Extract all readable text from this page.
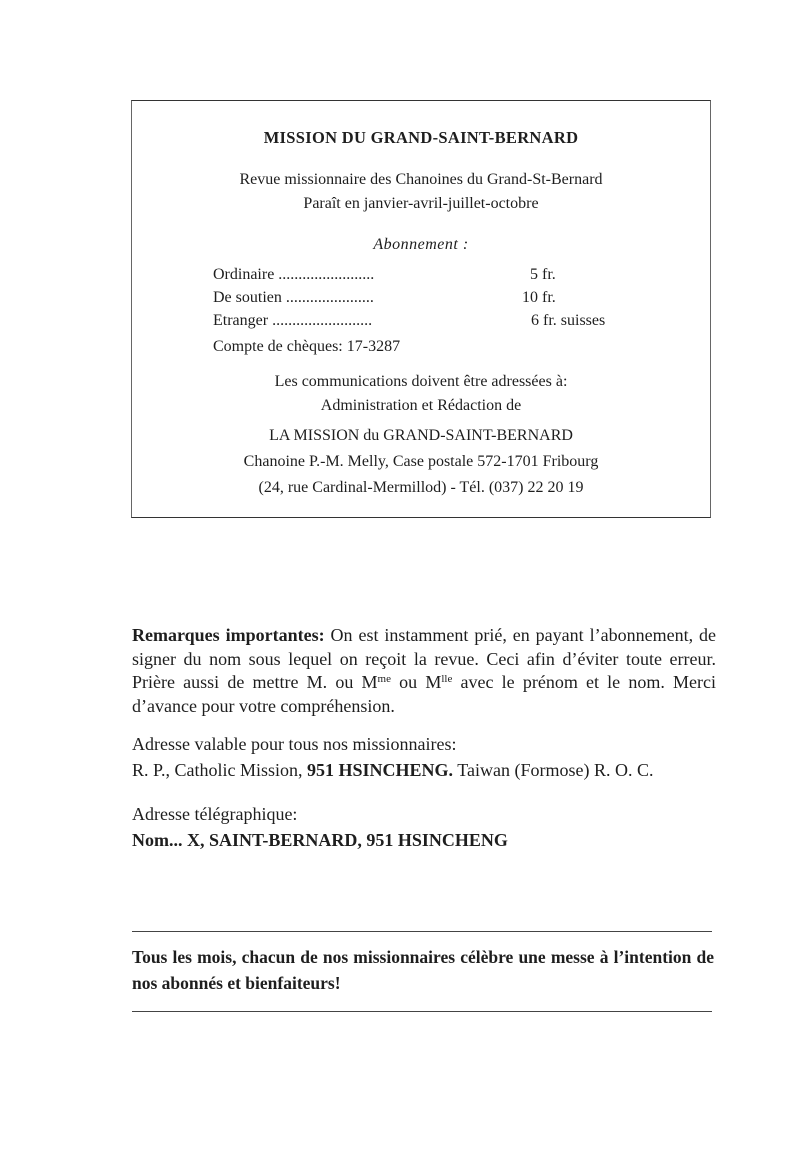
MISSION DU GRAND-SAINT-BERNARD
Revue missionnaire des Chanoines du Grand-St-Bernard
Paraît en janvier-avril-juillet-octobre
Abonnement :
Ordinaire ........................	5 fr.
De soutien ......................	10 fr.
Etranger .........................	6 fr. suisses
Compte de chèques: 17-3287
Les communications doivent être adressées à:
Administration et Rédaction de
LA MISSION du GRAND-SAINT-BERNARD
Chanoine P.-M. Melly, Case postale 572-1701 Fribourg
(24, rue Cardinal-Mermillod) - Tél. (037) 22 20 19

Remarques importantes: On est instamment prié, en payant l’abonnement, de signer du nom sous lequel on reçoit la revue. Ceci afin d’éviter toute erreur. Prière aussi de mettre M. ou $M^{me}$ ou $M^{lle}$ avec le prénom et le nom. Merci d’avance pour votre compréhension.

Adresse valable pour tous nos missionnaires:
R. P., Catholic Mission, 951 HSINCHENG. Taiwan (Formose) R. O. C.
Adresse télégraphique:
Nom... X, SAINT-BERNARD, 951 HSINCHENG

Tous les mois, chacun de nos missionnaires célèbre une messe à l’intention de nos abonnés et bienfaiteurs!
